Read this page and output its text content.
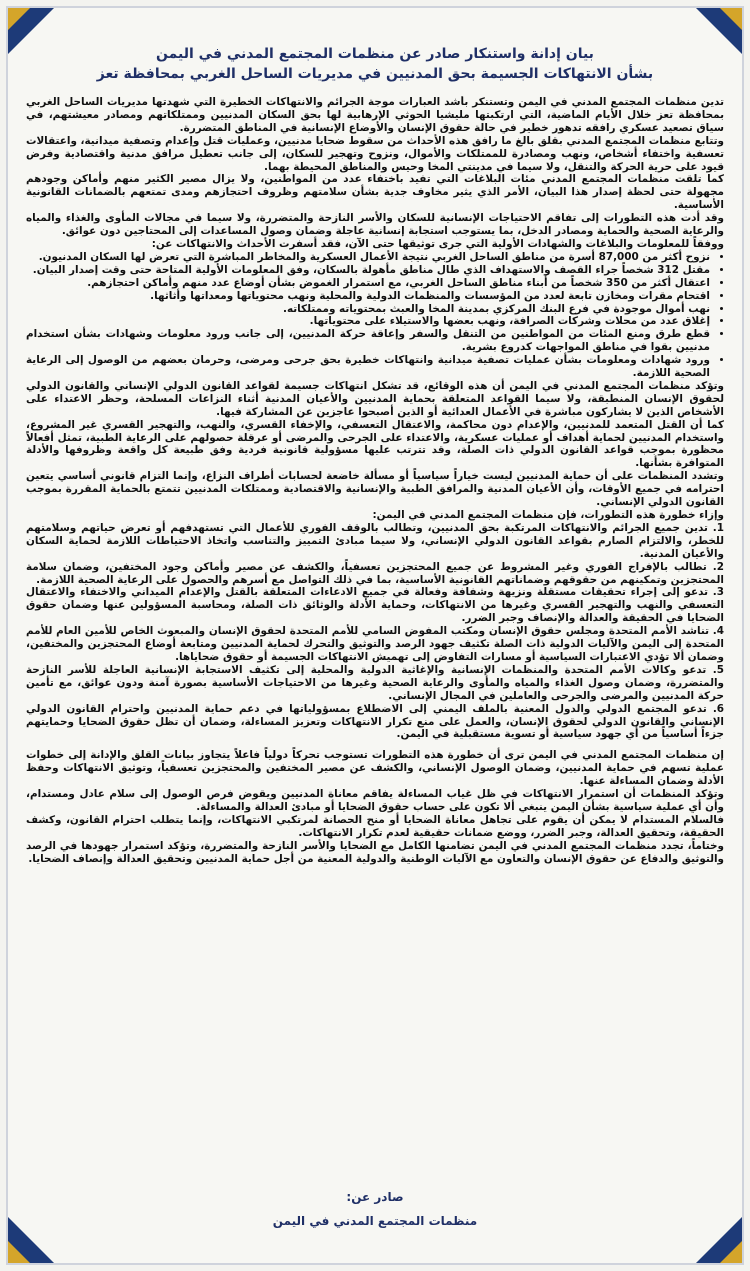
بيان إدانة واستنكار صادر عن منظمات المجتمع المدني في اليمن
بشأن الانتهاكات الجسيمة بحق المدنيين في مديريات الساحل الغربي بمحافظة تعز

تدين منظمات المجتمع المدني في اليمن وتستنكر بأشد العبارات موجة الجرائم والانتهاكات الخطيرة التي شهدتها مديريات الساحل الغربي بمحافظة تعز خلال الأيام الماضية، التي ارتكبتها مليشيا الحوثي الإرهابية لها بحق السكان المدنيين وممتلكاتهم ومصادر معيشتهم، في سياق تصعيد عسكري رافقه تدهور خطير في حالة حقوق الإنسان والأوضاع الإنسانية في المناطق المتضررة.

وتتابع منظمات المجتمع المدني بقلق بالغ ما رافق هذه الأحداث من سقوط ضحايا مدنيين، وعمليات قتل وإعدام وتصفية ميدانية، واعتقالات تعسفية واختفاء أشخاص، ونهب ومصادرة للممتلكات والأموال، ونزوح وتهجير للسكان، إلى جانب تعطيل مرافق مدنية واقتصادية وفرض قيود على حرية الحركة والتنقل، ولا سيما في مدينتي المخا وحيس والمناطق المحيطة بهما.

كما تلقت منظمات المجتمع المدني مئات البلاغات التي تفيد باختفاء عدد من المواطنين، ولا يزال مصير الكثير منهم وأماكن وجودهم مجهولة حتى لحظة إصدار هذا البيان، الأمر الذي يثير مخاوف جدية بشأن سلامتهم وظروف احتجازهم ومدى تمتعهم بالضمانات القانونية الأساسية.

وقد أدت هذه التطورات إلى تفاقم الاحتياجات الإنسانية للسكان والأسر النازحة والمتضررة، ولا سيما في مجالات المأوى والغذاء والمياه والرعاية الصحية والحماية ومصادر الدخل، بما يستوجب استجابة إنسانية عاجلة وضمان وصول المساعدات إلى المحتاجين دون عوائق.

ووفقاً للمعلومات والبلاغات والشهادات الأولية التي جرى توثيقها حتى الآن، فقد أسفرت الأحداث والانتهاكات عن:

• نزوح أكثر من 87,000 أسرة من مناطق الساحل الغربي نتيجة الأعمال العسكرية والمخاطر المباشرة التي تعرض لها السكان المدنيون.
• مقتل 312 شخصاً جراء القصف والاستهداف الذي طال مناطق مأهولة بالسكان، وفق المعلومات الأولية المتاحة حتى وقت إصدار البيان.
• اعتقال أكثر من 350 شخصاً من أبناء مناطق الساحل الغربي، مع استمرار الغموض بشأن أوضاع عدد منهم وأماكن احتجازهم.
• اقتحام مقرات ومخازن تابعة لعدد من المؤسسات والمنظمات الدولية والمحلية ونهب محتوياتها ومعداتها وأثاثها.
• نهب أموال موجودة في فرع البنك المركزي بمدينة المخا والعبث بمحتوياته وممتلكاته.
• إغلاق عدد من محلات وشركات الصرافة، ونهب بعضها والاستيلاء على محتوياتها.
• قطع طرق ومنع المئات من المواطنين من التنقل والسفر وإعاقة حركة المدنيين، إلى جانب ورود معلومات وشهادات بشأن استخدام مدنيين بقوا في مناطق المواجهات كدروع بشرية.
• ورود شهادات ومعلومات بشأن عمليات تصفية ميدانية وانتهاكات خطيرة بحق جرحى ومرضى، وحرمان بعضهم من الوصول إلى الرعاية الصحية اللازمة.

وتؤكد منظمات المجتمع المدني في اليمن أن هذه الوقائع، قد تشكل انتهاكات جسيمة لقواعد القانون الدولي الإنساني والقانون الدولي لحقوق الإنسان المنطبقة، ولا سيما القواعد المتعلقة بحماية المدنيين والأعيان المدنية أثناء النزاعات المسلحة، وحظر الاعتداء على الأشخاص الذين لا يشاركون مباشرة في الأعمال العدائية أو الذين أصبحوا عاجزين عن المشاركة فيها.

كما أن القتل المتعمد للمدنيين، والإعدام دون محاكمة، والاعتقال التعسفي، والإخفاء القسري، والنهب، والتهجير القسري غير المشروع، واستخدام المدنيين لحماية أهداف أو عمليات عسكرية، والاعتداء على الجرحى والمرضى أو عرقلة حصولهم على الرعاية الطبية، تمثل أفعالاً محظورة بموجب قواعد القانون الدولي ذات الصلة، وقد تترتب عليها مسؤولية قانونية فردية وفق طبيعة كل واقعة وظروفها والأدلة المتوافرة بشأنها.

وتشدد المنظمات على أن حماية المدنيين ليست خياراً سياسياً أو مسألة خاضعة لحسابات أطراف النزاع، وإنما التزام قانوني أساسي يتعين احترامه في جميع الأوقات، وأن الأعيان المدنية والمرافق الطبية والإنسانية والاقتصادية وممتلكات المدنيين تتمتع بالحماية المقررة بموجب القانون الدولي الإنساني.

وإزاء خطورة هذه التطورات، فإن منظمات المجتمع المدني في اليمن:

1. تدين جميع الجرائم والانتهاكات المرتكبة بحق المدنيين، وتطالب بالوقف الفوري للأعمال التي تستهدفهم أو تعرض حياتهم وسلامتهم للخطر، والالتزام الصارم بقواعد القانون الدولي الإنساني، ولا سيما مبادئ التمييز والتناسب واتخاذ الاحتياطات اللازمة لحماية السكان والأعيان المدنية.

2. تطالب بالإفراج الفوري وغير المشروط عن جميع المحتجزين تعسفياً، والكشف عن مصير وأماكن وجود المختفين، وضمان سلامة المحتجزين وتمكينهم من حقوقهم وضماناتهم القانونية الأساسية، بما في ذلك التواصل مع أسرهم والحصول على الرعاية الصحية اللازمة.

3. تدعو إلى إجراء تحقيقات مستقلة ونزيهة وشفافة وفعالة في جميع الادعاءات المتعلقة بالقتل والإعدام الميداني والاختفاء والاعتقال التعسفي والنهب والتهجير القسري وغيرها من الانتهاكات، وحماية الأدلة والوثائق ذات الصلة، ومحاسبة المسؤولين عنها وضمان حقوق الضحايا في الحقيقة والعدالة والإنصاف وجبر الضرر.

4. تناشد الأمم المتحدة ومجلس حقوق الإنسان ومكتب المفوض السامي للأمم المتحدة لحقوق الإنسان والمبعوث الخاص للأمين العام للأمم المتحدة إلى اليمن والآليات الدولية ذات الصلة تكثيف جهود الرصد والتوثيق والتحرك لحماية المدنيين ومتابعة أوضاع المحتجزين والمختفين، وضمان ألا تؤدي الاعتبارات السياسية أو مسارات التفاوض إلى تهميش الانتهاكات الجسيمة أو حقوق ضحاياها.

5. تدعو وكالات الأمم المتحدة والمنظمات الإنسانية والإغاثية الدولية والمحلية إلى تكثيف الاستجابة الإنسانية العاجلة للأسر النازحة والمتضررة، وضمان وصول الغذاء والمياه والمأوى والرعاية الصحية وغيرها من الاحتياجات الأساسية بصورة آمنة ودون عوائق، مع تأمين حركة المدنيين والمرضى والجرحى والعاملين في المجال الإنساني.

6. تدعو المجتمع الدولي والدول المعنية بالملف اليمني إلى الاضطلاع بمسؤولياتها في دعم حماية المدنيين واحترام القانون الدولي الإنساني والقانون الدولي لحقوق الإنسان، والعمل على منع تكرار الانتهاكات وتعزيز المساءلة، وضمان أن تظل حقوق الضحايا وحمايتهم جزءاً أساسياً من أي جهود سياسية أو تسوية مستقبلية في اليمن.

إن منظمات المجتمع المدني في اليمن ترى أن خطورة هذه التطورات تستوجب تحركاً دولياً فاعلاً يتجاوز بيانات القلق والإدانة إلى خطوات عملية تسهم في حماية المدنيين، وضمان الوصول الإنساني، والكشف عن مصير المختفين والمحتجزين تعسفياً، وتوثيق الانتهاكات وحفظ الأدلة وضمان المساءلة عنها.

وتؤكد المنظمات أن استمرار الانتهاكات في ظل غياب المساءلة يفاقم معاناة المدنيين ويقوض فرص الوصول إلى سلام عادل ومستدام، وأن أي عملية سياسية بشأن اليمن ينبغي ألا تكون على حساب حقوق الضحايا أو مبادئ العدالة والمساءلة.

فالسلام المستدام لا يمكن أن يقوم على تجاهل معاناة الضحايا أو منح الحصانة لمرتكبي الانتهاكات، وإنما يتطلب احترام القانون، وكشف الحقيقة، وتحقيق العدالة، وجبر الضرر، ووضع ضمانات حقيقية لعدم تكرار الانتهاكات.

وختاماً، تجدد منظمات المجتمع المدني في اليمن تضامنها الكامل مع الضحايا والأسر النازحة والمتضررة، وتؤكد استمرار جهودها في الرصد والتوثيق والدفاع عن حقوق الإنسان والتعاون مع الآليات الوطنية والدولية المعنية من أجل حماية المدنيين وتحقيق العدالة وإنصاف الضحايا.

صادر عن:
منظمات المجتمع المدني في اليمن
